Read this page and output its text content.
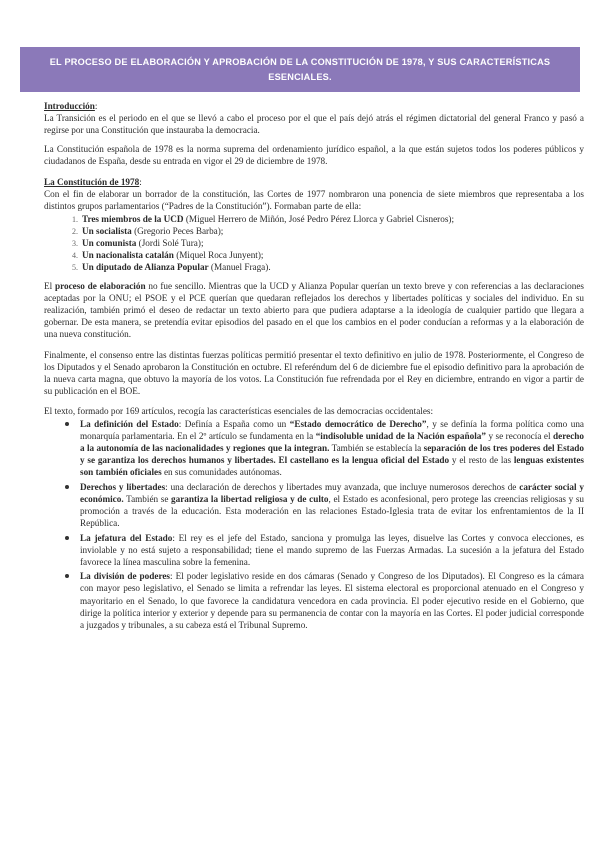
EL PROCESO DE ELABORACIÓN Y APROBACIÓN DE LA CONSTITUCIÓN DE 1978, Y SUS CARACTERÍSTICAS ESENCIALES.

Introducción:

La Transición es el periodo en el que se llevó a cabo el proceso por el que el país dejó atrás el régimen dictatorial del general Franco y pasó a regirse por una Constitución que instauraba la democracia.

La Constitución española de 1978 es la norma suprema del ordenamiento jurídico español, a la que están sujetos todos los poderes públicos y ciudadanos de España, desde su entrada en vigor el 29 de diciembre de 1978.

La Constitución de 1978:

Con el fin de elaborar un borrador de la constitución, las Cortes de 1977 nombraron una ponencia de siete miembros que representaba a los distintos grupos parlamentarios (“Padres de la Constitución”). Formaban parte de ella:

1. Tres miembros de la UCD (Miguel Herrero de Miñón, José Pedro Pérez Llorca y Gabriel Cisneros);
2. Un socialista (Gregorio Peces Barba);
3. Un comunista (Jordi Solé Tura);
4. Un nacionalista catalán (Miquel Roca Junyent);
5. Un diputado de Alianza Popular (Manuel Fraga).

El proceso de elaboración no fue sencillo. Mientras que la UCD y Alianza Popular querían un texto breve y con referencias a las declaraciones aceptadas por la ONU; el PSOE y el PCE querían que quedaran reflejados los derechos y libertades políticas y sociales del individuo. En su realización, también primó el deseo de redactar un texto abierto para que pudiera adaptarse a la ideología de cualquier partido que llegara a gobernar. De esta manera, se pretendía evitar episodios del pasado en el que los cambios en el poder conducían a reformas y a la elaboración de una nueva constitución.

Finalmente, el consenso entre las distintas fuerzas políticas permitió presentar el texto definitivo en julio de 1978. Posteriormente, el Congreso de los Diputados y el Senado aprobaron la Constitución en octubre. El referéndum del 6 de diciembre fue el episodio definitivo para la aprobación de la nueva carta magna, que obtuvo la mayoría de los votos. La Constitución fue refrendada por el Rey en diciembre, entrando en vigor a partir de su publicación en el BOE.

El texto, formado por 169 artículos, recogía las características esenciales de las democracias occidentales:

La definición del Estado: Definía a España como un “Estado democrático de Derecho”, y se definía la forma política como una monarquía parlamentaria. En el 2º artículo se fundamenta en la “indisoluble unidad de la Nación española” y se reconocía el derecho a la autonomía de las nacionalidades y regiones que la integran. También se establecía la separación de los tres poderes del Estado y se garantiza los derechos humanos y libertades. El castellano es la lengua oficial del Estado y el resto de las lenguas existentes son también oficiales en sus comunidades autónomas.
Derechos y libertades: una declaración de derechos y libertades muy avanzada, que incluye numerosos derechos de carácter social y económico. También se garantiza la libertad religiosa y de culto, el Estado es aconfesional, pero protege las creencias religiosas y su promoción a través de la educación. Esta moderación en las relaciones Estado-Iglesia trata de evitar los enfrentamientos de la II República.
La jefatura del Estado: El rey es el jefe del Estado, sanciona y promulga las leyes, disuelve las Cortes y convoca elecciones, es inviolable y no está sujeto a responsabilidad; tiene el mando supremo de las Fuerzas Armadas. La sucesión a la jefatura del Estado favorece la línea masculina sobre la femenina.
La división de poderes: El poder legislativo reside en dos cámaras (Senado y Congreso de los Diputados). El Congreso es la cámara con mayor peso legislativo, el Senado se limita a refrendar las leyes. El sistema electoral es proporcional atenuado en el Congreso y mayoritario en el Senado, lo que favorece la candidatura vencedora en cada provincia. El poder ejecutivo reside en el Gobierno, que dirige la política interior y exterior y depende para su permanencia de contar con la mayoría en las Cortes. El poder judicial corresponde a juzgados y tribunales, a su cabeza está el Tribunal Supremo.
